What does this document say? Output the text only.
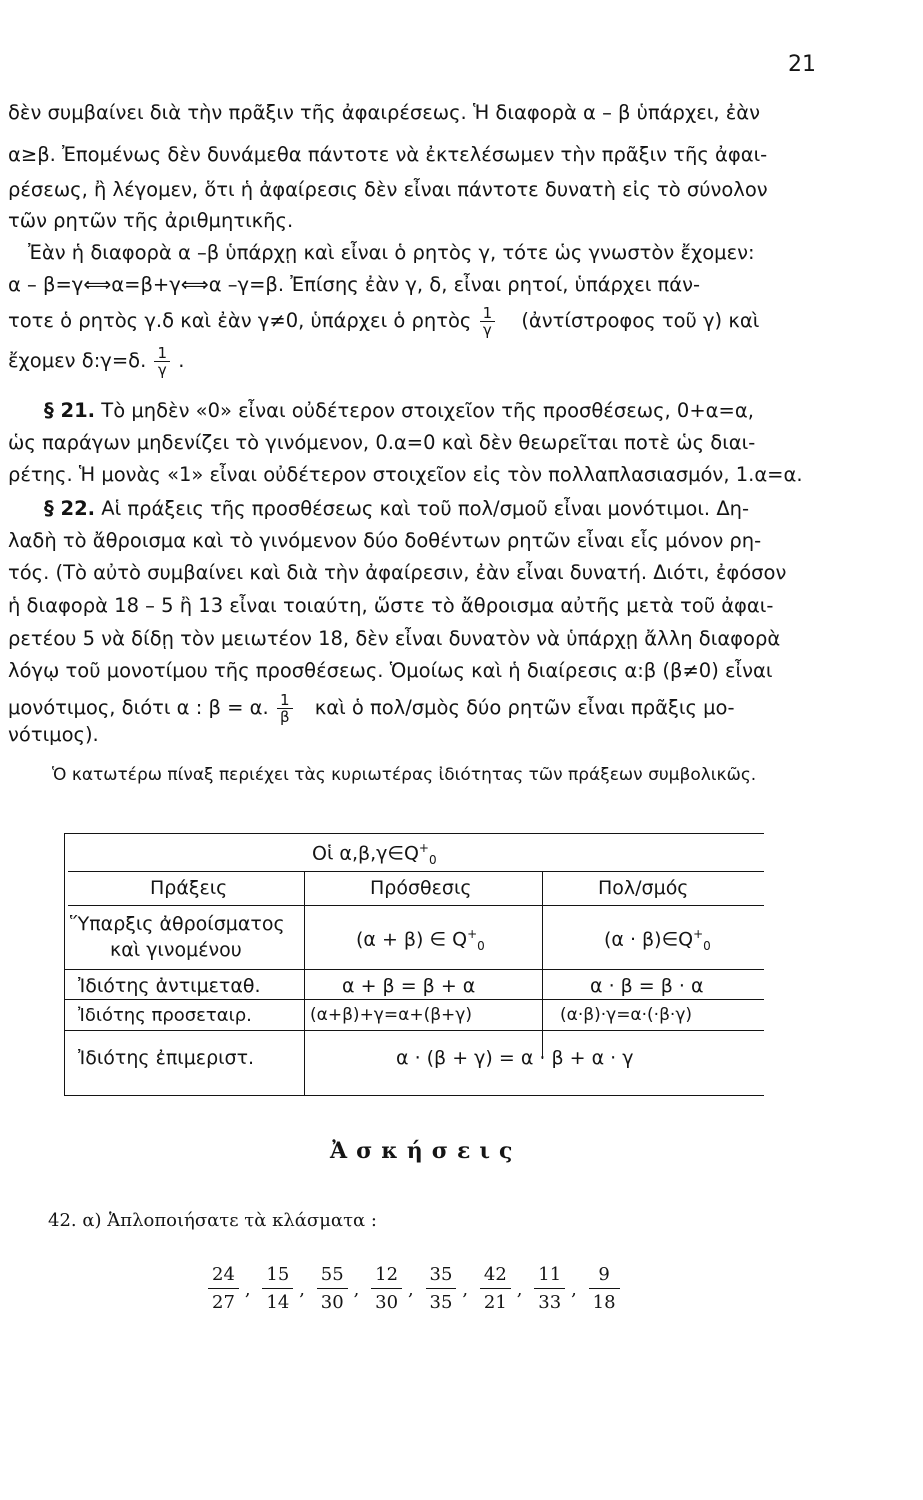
21
δὲν συμβαίνει διὰ τὴν πρᾶξιν τῆς ἀφαιρέσεως. Ἡ διαφορὰ α – β ὑπάρχει, ἐὰν
α≥β. Ἐπομένως δὲν δυνάμεθα πάντοτε νὰ ἐκτελέσωμεν τὴν πρᾶξιν τῆς ἀφαι-
ρέσεως, ἢ λέγομεν, ὅτι ἡ ἀφαίρεσις δὲν εἶναι πάντοτε δυνατὴ εἰς τὸ σύνολον
τῶν ρητῶν τῆς ἀριθμητικῆς.
Ἐὰν ἡ διαφορὰ α –β ὑπάρχῃ καὶ εἶναι ὁ ρητὸς γ, τότε ὡς γνωστὸν ἔχομεν:
α – β=γ⟺α=β+γ⟺α –γ=β. Ἐπίσης ἐὰν γ, δ, εἶναι ρητοί, ὑπάρχει πάν-
τοτε ὁ ρητὸς γ.δ καὶ ἐὰν γ≠0, ὑπάρχει ὁ ρητὸς $\frac{1}{\gamma}$ (ἀντίστροφος τοῦ γ) καὶ
ἔχομεν δ:γ=δ. $\frac{1}{\gamma}$ .
§ 21. Τὸ μηδὲν «0» εἶναι οὐδέτερον στοιχεῖον τῆς προσθέσεως, 0+α=α,
ὡς παράγων μηδενίζει τὸ γινόμενον, 0.α=0 καὶ δὲν θεωρεῖται ποτὲ ὡς διαι-
ρέτης. Ἡ μονὰς «1» εἶναι οὐδέτερον στοιχεῖον εἰς τὸν πολλαπλασιασμόν, 1.α=α.
§ 22. Αἱ πράξεις τῆς προσθέσεως καὶ τοῦ πολ/σμοῦ εἶναι μονότιμοι. Δη-
λαδὴ τὸ ἄθροισμα καὶ τὸ γινόμενον δύο δοθέντων ρητῶν εἶναι εἷς μόνον ρη-
τός. (Τὸ αὐτὸ συμβαίνει καὶ διὰ τὴν ἀφαίρεσιν, ἐὰν εἶναι δυνατή. Διότι, ἐφόσον
ἡ διαφορὰ 18 – 5 ἢ 13 εἶναι τοιαύτη, ὥστε τὸ ἄθροισμα αὐτῆς μετὰ τοῦ ἀφαι-
ρετέου 5 νὰ δίδῃ τὸν μειωτέον 18, δὲν εἶναι δυνατὸν νὰ ὑπάρχῃ ἄλλη διαφορὰ
λόγῳ τοῦ μονοτίμου τῆς προσθέσεως. Ὁμοίως καὶ ἡ διαίρεσις α:β (β≠0) εἶναι
μονότιμος, διότι α : β = α. $\frac{1}{\beta}$ καὶ ὁ πολ/σμὸς δύο ρητῶν εἶναι πρᾶξις μο-
νότιμος).
Ὁ κατωτέρω πίναξ περιέχει τὰς κυριωτέρας ἰδιότητας τῶν πράξεων συμβολικῶς.
Οἱ $\alpha,\beta,\gamma\in Q^+_0$
Πράξεις	Πρόσθεσις	Πολ/σμός
Ὕπαρξις ἀθροίσματος
καὶ γινομένου	(α + β) ∈ $Q^+_0$	$(\alpha \cdot \beta)\in Q^+_0$
Ἰδιότης ἀντιμεταθ.	α + β = β + α	α · β = β · α
Ἰδιότης προσεταιρ.	(α+β)+γ=α+(β+γ)	(α·β)·γ=α·(·β·γ)
Ἰδιότης ἐπιμεριστ.	α · (β + γ) = α · β + α · γ
Ἀσκήσεις
42. α) Ἁπλοποιήσατε τὰ κλάσματα :
$\frac{24}{27}$ , $\frac{15}{14}$ , $\frac{55}{30}$ , $\frac{12}{30}$ , $\frac{35}{35}$ , $\frac{42}{21}$ , $\frac{11}{33}$ , $\frac{9}{18}$
